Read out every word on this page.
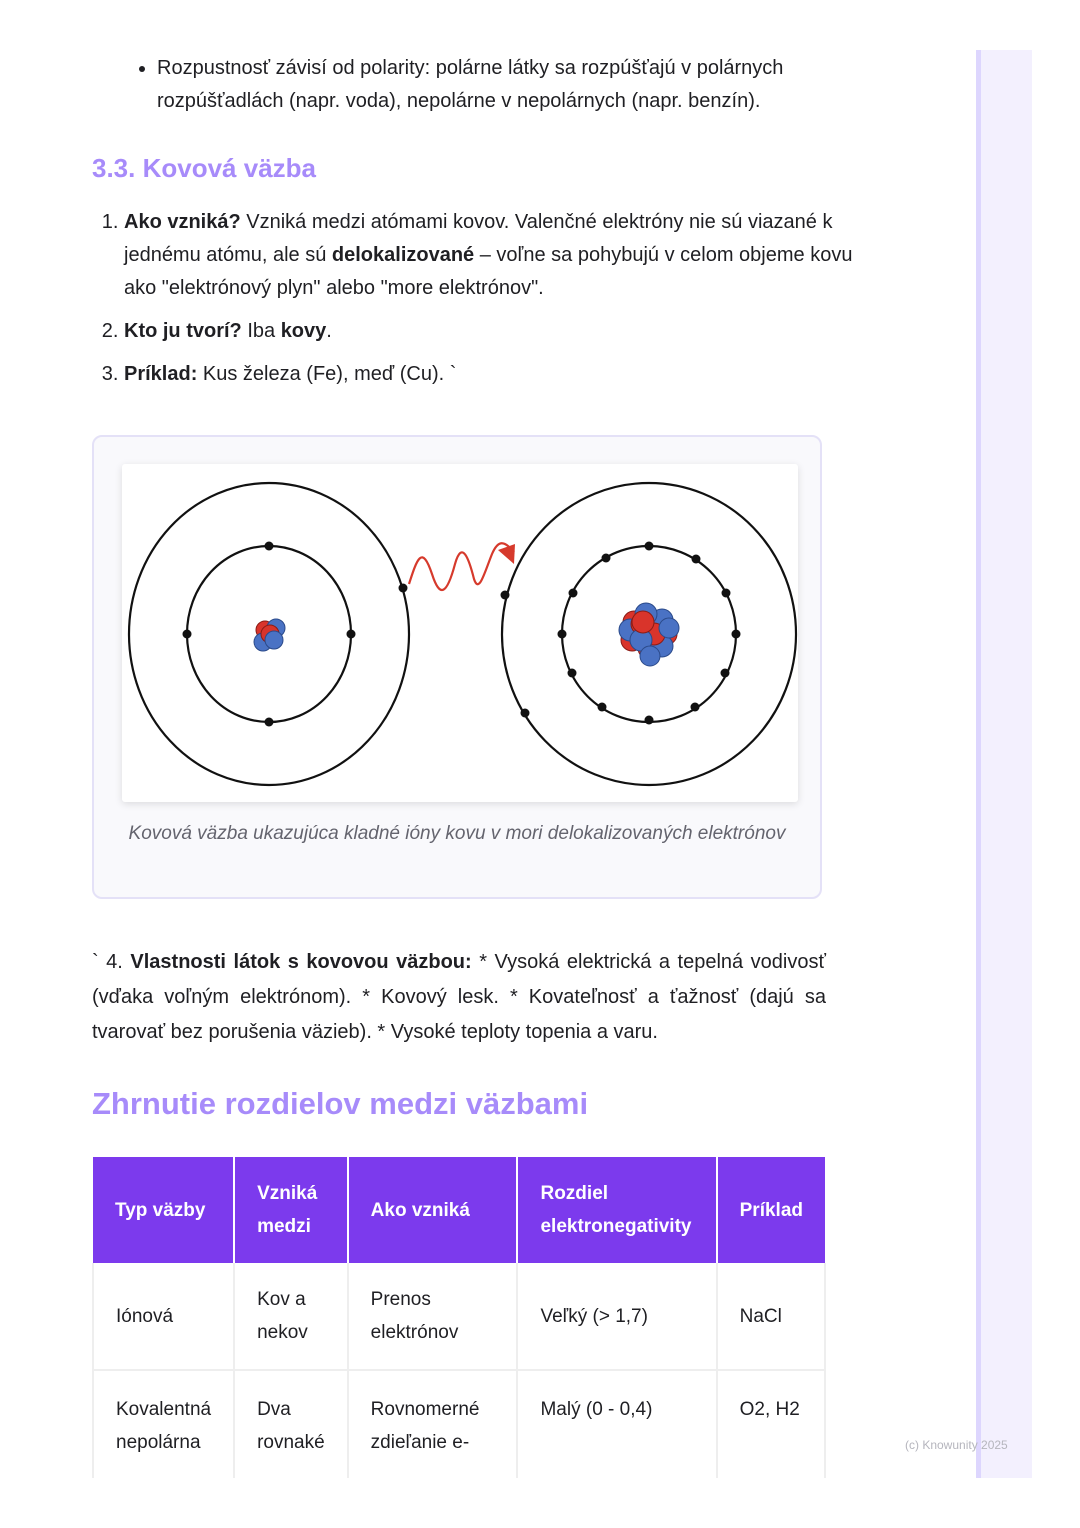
• Rozpustnosť závisí od polarity: polárne látky sa rozpúšťajú v polárnych rozpúšťadlách (napr. voda), nepolárne v nepolárnych (napr. benzín).
3.3. Kovová väzba
1. Ako vzniká? Vzniká medzi atómami kovov. Valenčné elektróny nie sú viazané k jednému atómu, ale sú delokalizované – voľne sa pohybujú v celom objeme kovu ako "elektrónový plyn" alebo "more elektrónov".
2. Kto ju tvorí? Iba kovy.
3. Príklad: Kus železa (Fe), meď (Cu). `
Kovová väzba ukazujúca kladné ióny kovu v mori delokalizovaných elektrónov

` 4. Vlastnosti látok s kovovou väzbou: * Vysoká elektrická a tepelná vodivosť (vďaka voľným elektrónom). * Kovový lesk. * Kovateľnosť a ťažnosť (dajú sa tvarovať bez porušenia väzieb). * Vysoké teploty topenia a varu.

Zhrnutie rozdielov medzi väzbami
Typ väzby	Vzniká medzi	Ako vzniká	Rozdiel elektronegativity	Príklad
Iónová	Kov a nekov	Prenos elektrónov	Veľký (> 1,7)	NaCl
Kovalentná nepolárna	Dva rovnaké	Rovnomerné zdieľanie e-	Malý (0 - 0,4)	O2, H2
(c) Knowunity 2025
